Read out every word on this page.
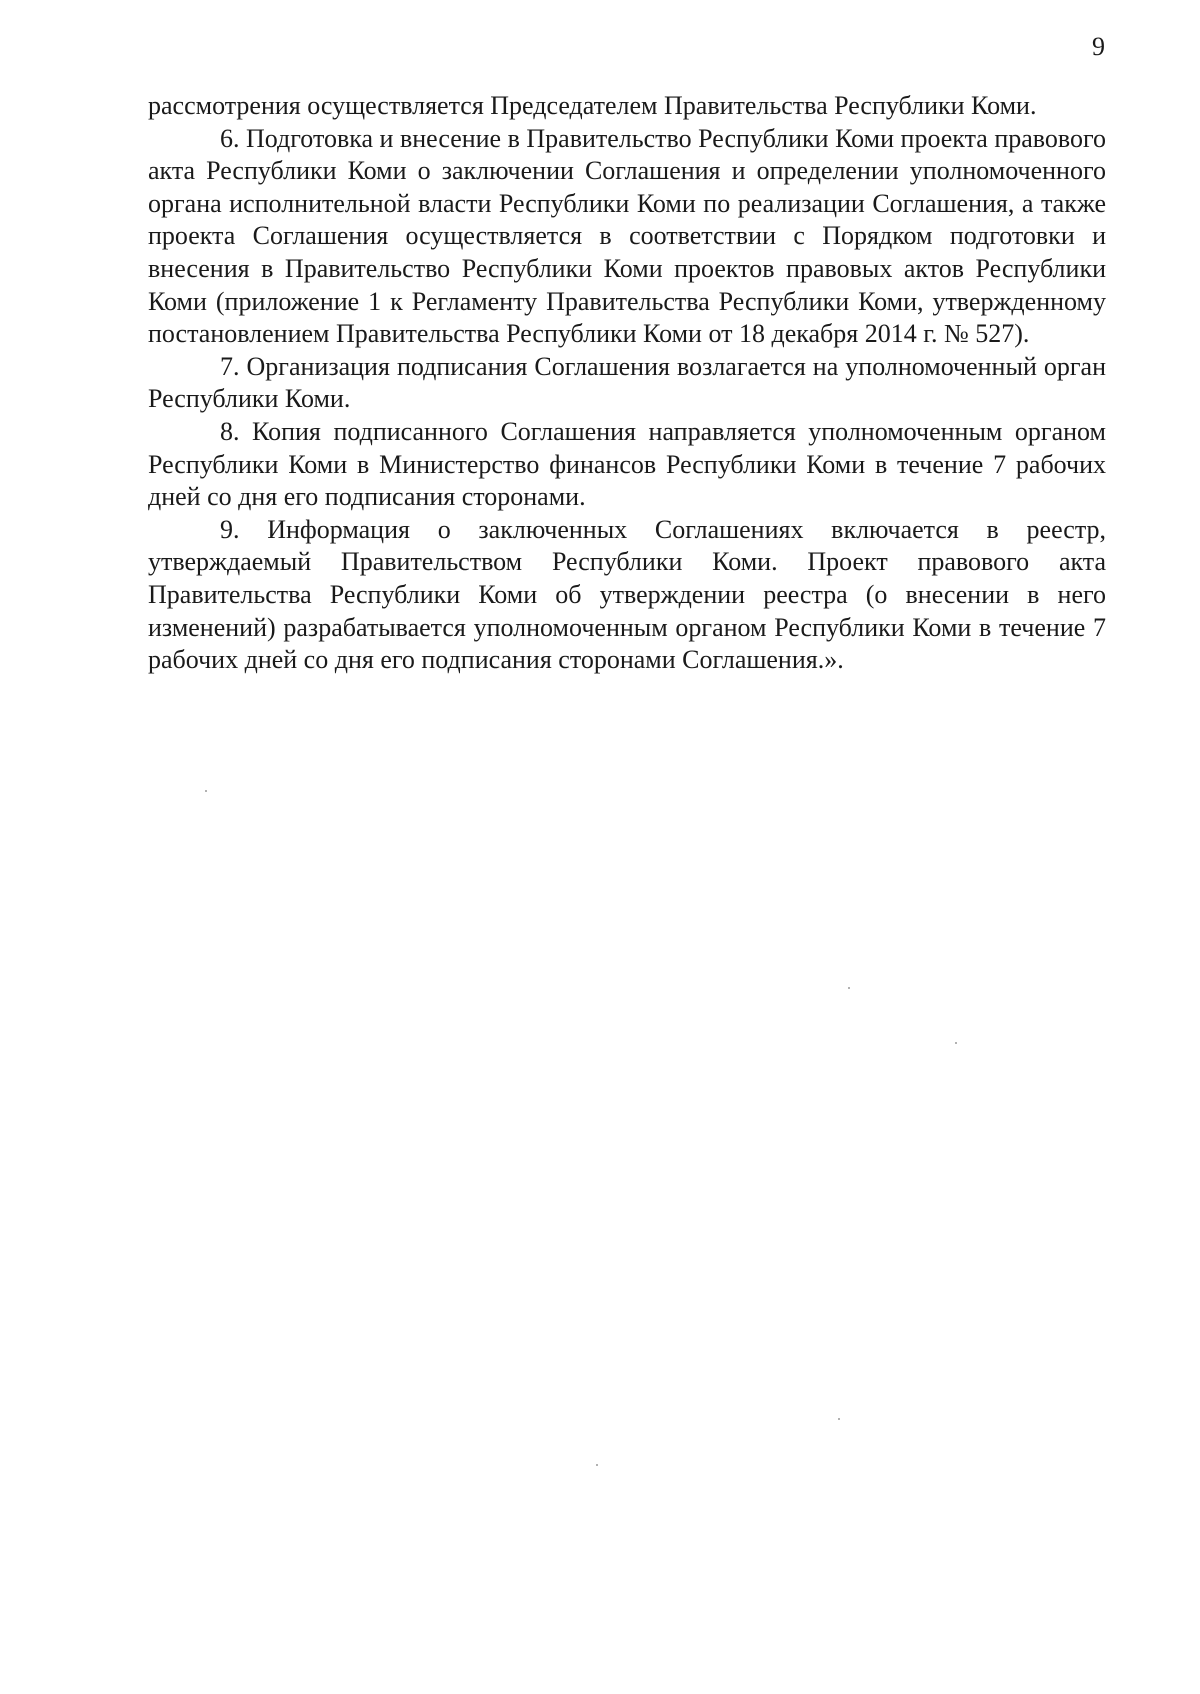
9

рассмотрения осуществляется Председателем Правительства Республики Коми.

6. Подготовка и внесение в Правительство Республики Коми проекта правового акта Республики Коми о заключении Соглашения и определении уполномоченного органа исполнительной власти Республики Коми по реализации Соглашения, а также проекта Соглашения осуществляется в соответствии с Порядком подготовки и внесения в Правительство Республики Коми проектов правовых актов Республики Коми (приложение 1 к Регламенту Правительства Республики Коми, утвержденному постановлением Правительства Республики Коми от 18 декабря 2014 г. № 527).

7. Организация подписания Соглашения возлагается на уполномоченный орган Республики Коми.

8. Копия подписанного Соглашения направляется уполномоченным органом Республики Коми в Министерство финансов Республики Коми в течение 7 рабочих дней со дня его подписания сторонами.

9. Информация о заключенных Соглашениях включается в реестр, утверждаемый Правительством Республики Коми. Проект правового акта Правительства Республики Коми об утверждении реестра (о внесении в него изменений) разрабатывается уполномоченным органом Республики Коми в течение 7 рабочих дней со дня его подписания сторонами Соглашения.».
